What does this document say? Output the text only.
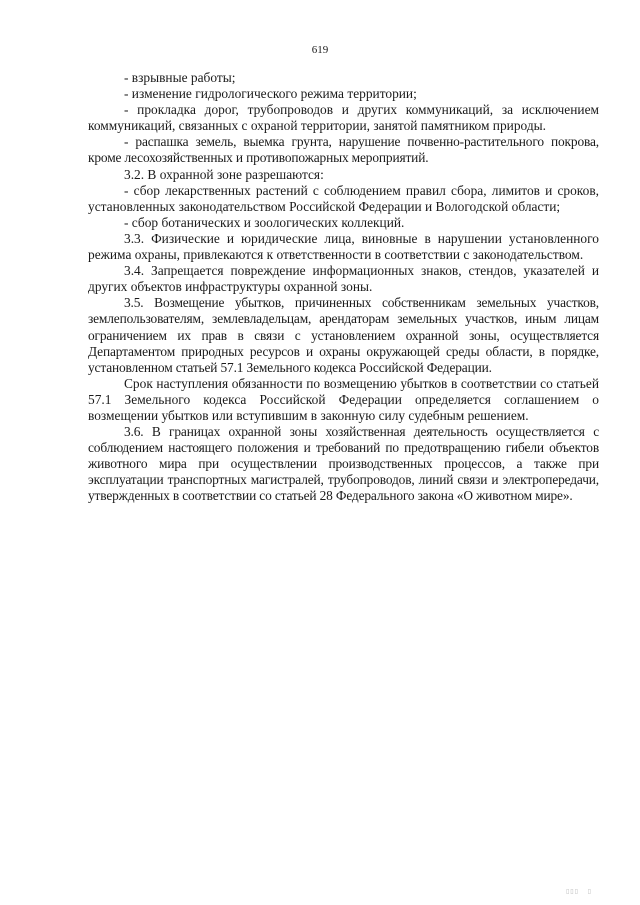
619

- взрывные работы;

- изменение гидрологического режима территории;

- прокладка дорог, трубопроводов и других коммуникаций, за исключением коммуникаций, связанных с охраной территории, занятой памятником природы.

- распашка земель, выемка грунта, нарушение почвенно-растительного покрова, кроме лесохозяйственных и противопожарных мероприятий.

3.2. В охранной зоне разрешаются:

- сбор лекарственных растений с соблюдением правил сбора, лимитов и сроков, установленных законодательством Российской Федерации и Вологодской области;

- сбор ботанических и зоологических коллекций.

3.3. Физические и юридические лица, виновные в нарушении установленного режима охраны, привлекаются к ответственности в соответствии с законодательством.

3.4. Запрещается повреждение информационных знаков, стендов, указателей и других объектов инфраструктуры охранной зоны.

3.5. Возмещение убытков, причиненных собственникам земельных участков, землепользователям, землевладельцам, арендаторам земельных участков, иным лицам ограничением их прав в связи с установлением охранной зоны, осуществляется Департаментом природных ресурсов и охраны окружающей среды области, в порядке, установленном статьей 57.1 Земельного кодекса Российской Федерации.

Срок наступления обязанности по возмещению убытков в соответствии со статьей 57.1 Земельного кодекса Российской Федерации определяется соглашением о возмещении убытков или вступившим в законную силу судебным решением.

3.6. В границах охранной зоны хозяйственная деятельность осуществляется с соблюдением настоящего положения и требований по предотвращению гибели объектов животного мира при осуществлении производственных процессов, а также при эксплуатации транспортных магистралей, трубопроводов, линий связи и электропередачи, утвержденных в соответствии со статьей 28 Федерального закона «О животном мире».

▯▯▯   ▯
